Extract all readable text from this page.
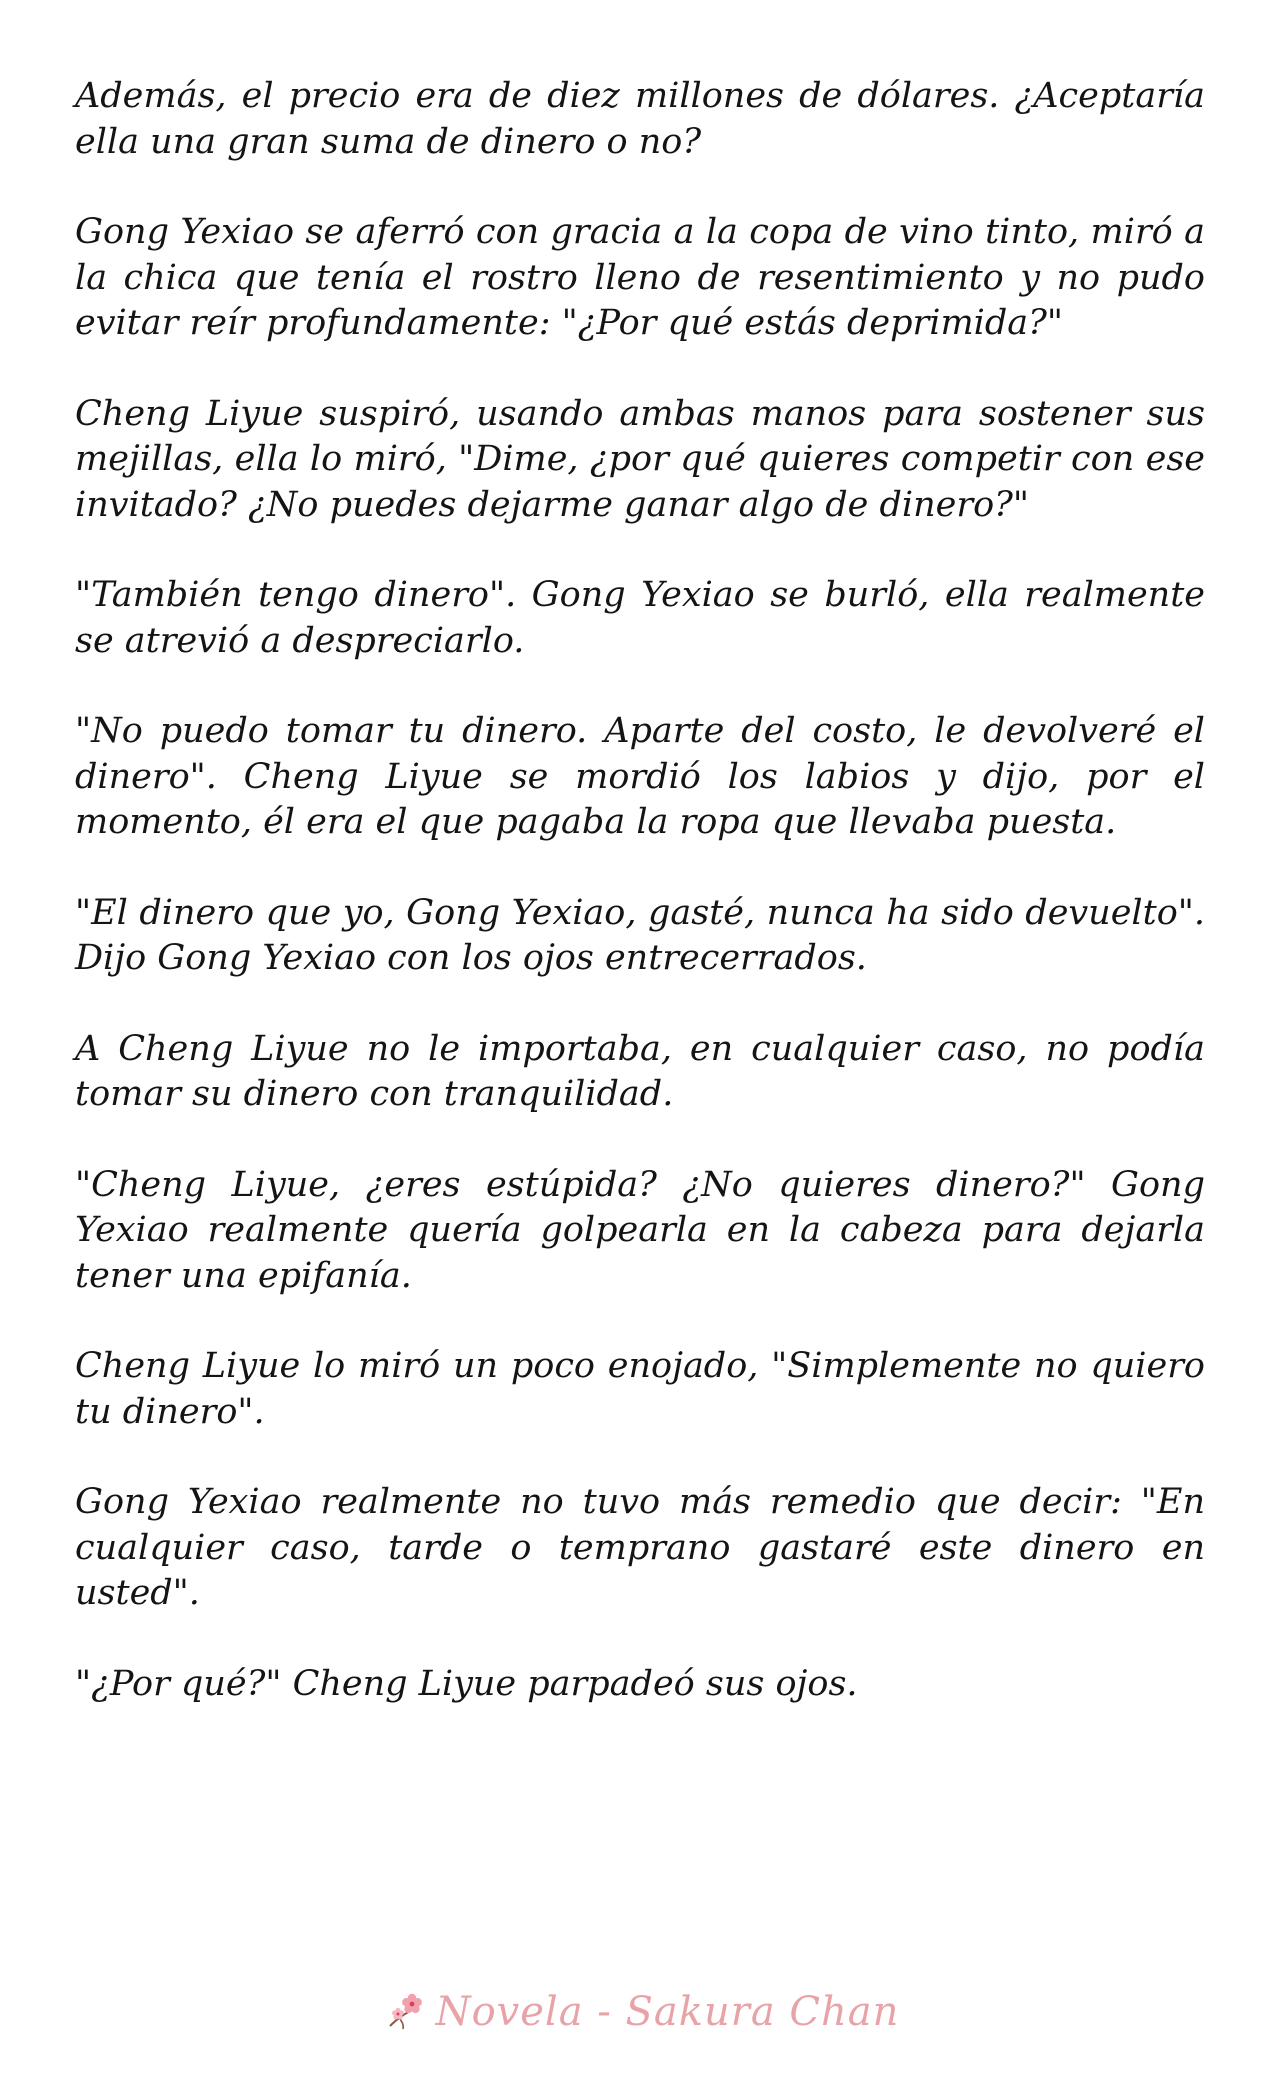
Además, el precio era de diez millones de dólares. ¿Aceptaría ella una gran suma de dinero o no?

Gong Yexiao se aferró con gracia a la copa de vino tinto, miró a la chica que tenía el rostro lleno de resentimiento y no pudo evitar reír profundamente: "¿Por qué estás deprimida?"

Cheng Liyue suspiró, usando ambas manos para sostener sus mejillas, ella lo miró, "Dime, ¿por qué quieres competir con ese invitado? ¿No puedes dejarme ganar algo de dinero?"

"También tengo dinero". Gong Yexiao se burló, ella realmente se atrevió a despreciarlo.

"No puedo tomar tu dinero. Aparte del costo, le devolveré el dinero". Cheng Liyue se mordió los labios y dijo, por el momento, él era el que pagaba la ropa que llevaba puesta.

"El dinero que yo, Gong Yexiao, gasté, nunca ha sido devuelto". Dijo Gong Yexiao con los ojos entrecerrados.

A Cheng Liyue no le importaba, en cualquier caso, no podía tomar su dinero con tranquilidad.

"Cheng Liyue, ¿eres estúpida? ¿No quieres dinero?" Gong Yexiao realmente quería golpearla en la cabeza para dejarla tener una epifanía.

Cheng Liyue lo miró un poco enojado, "Simplemente no quiero tu dinero".

Gong Yexiao realmente no tuvo más remedio que decir: "En cualquier caso, tarde o temprano gastaré este dinero en usted".

"¿Por qué?" Cheng Liyue parpadeó sus ojos.

Novela - Sakura Chan
